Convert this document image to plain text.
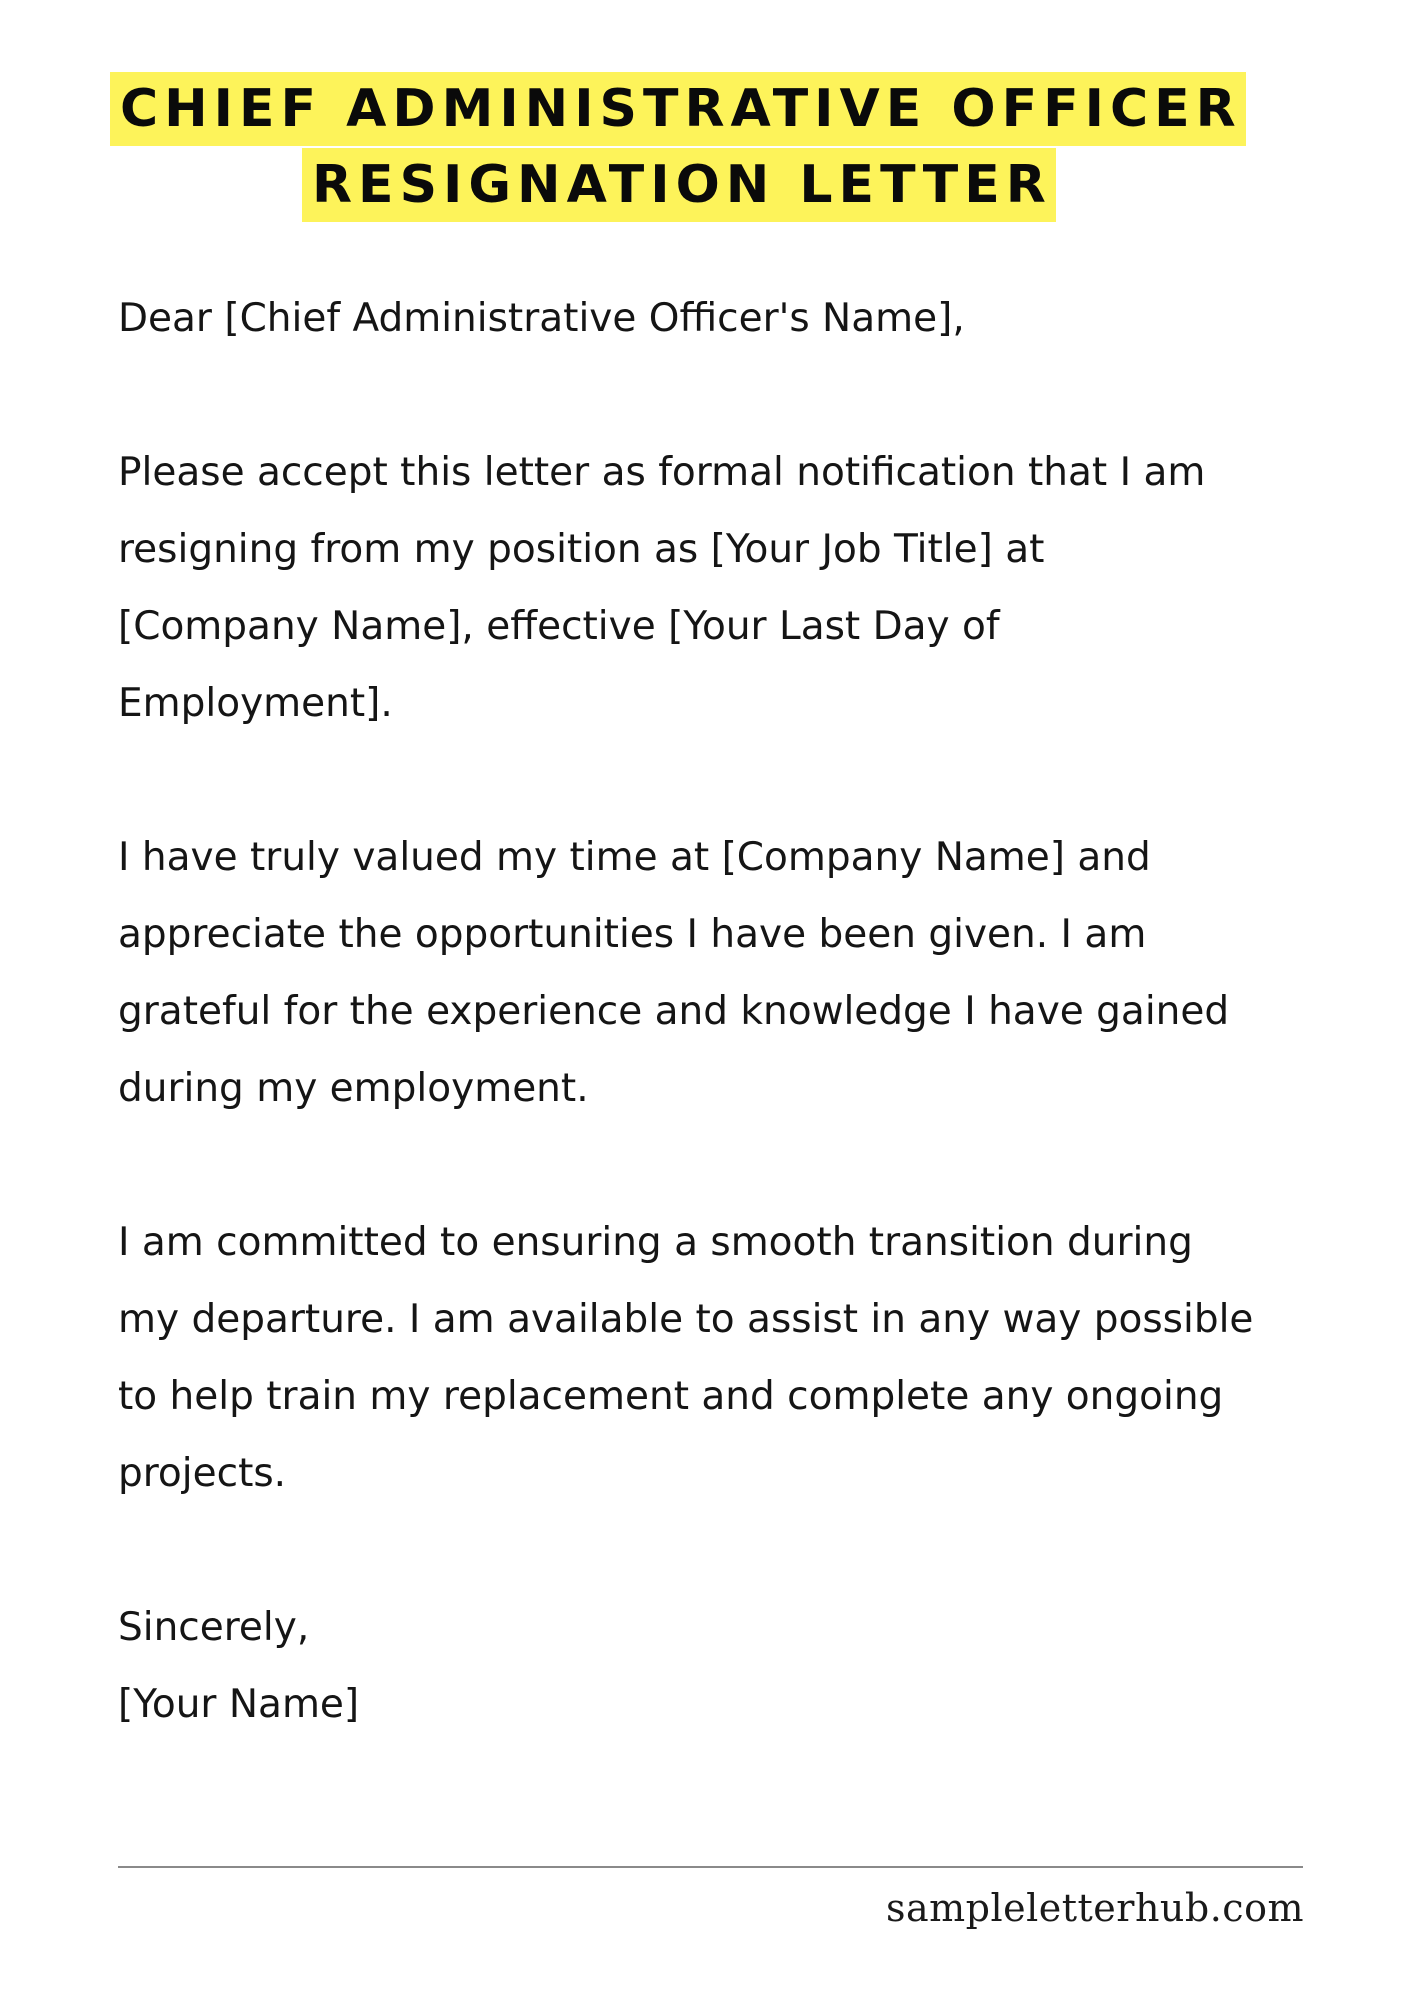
CHIEF ADMINISTRATIVE OFFICER
RESIGNATION LETTER

Dear [Chief Administrative Officer's Name],

Please accept this letter as formal notification that I am
resigning from my position as [Your Job Title] at
[Company Name], effective [Your Last Day of
Employment].

I have truly valued my time at [Company Name] and
appreciate the opportunities I have been given. I am
grateful for the experience and knowledge I have gained
during my employment.

I am committed to ensuring a smooth transition during
my departure. I am available to assist in any way possible
to help train my replacement and complete any ongoing
projects.

Sincerely,
[Your Name]

sampleletterhub.com
